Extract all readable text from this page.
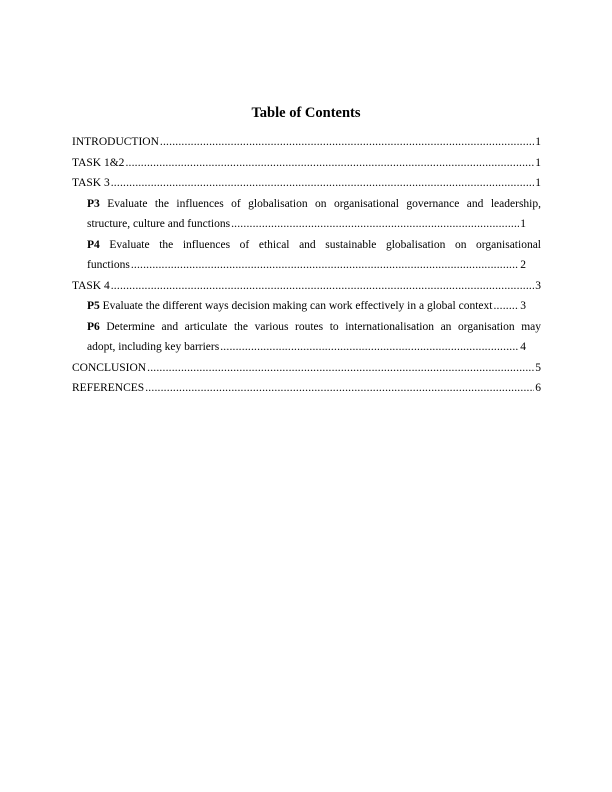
Table of Contents
INTRODUCTION .....	1
TASK 1&2 .....	1
TASK 3 .....	1
P3 Evaluate the influences of globalisation on organisational governance and leadership,
structure, culture and functions .....	1
P4 Evaluate the influences of ethical and sustainable globalisation on organisational
functions .....	2
TASK 4 .....	3
P5 Evaluate the different ways decision making can work effectively in a global context ..... 3
P6 Determine and articulate the various routes to internationalisation an organisation may
adopt, including key barriers .....	4
CONCLUSION .....	5
REFERENCES .....	6
